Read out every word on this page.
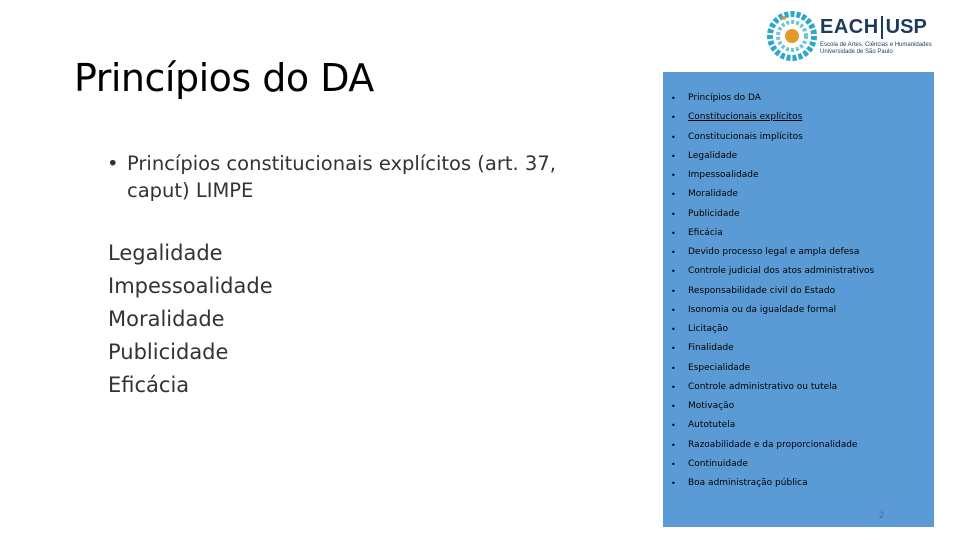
Princípios do DA
• Princípios constitucionais explícitos (art. 37, caput) LIMPE
Legalidade
Impessoalidade
Moralidade
Publicidade
Eficácia
EACH USP
Escola de Artes, Ciências e Humanidades
Universidade de São Paulo
• Princípios do DA
• Constitucionais explícitos
• Constitucionais implícitos
• Legalidade
• Impessoalidade
• Moralidade
• Publicidade
• Eficácia
• Devido processo legal e ampla defesa
• Controle judicial dos atos administrativos
• Responsabilidade civil do Estado
• Isonomia ou da igualdade formal
• Licitação
• Finalidade
• Especialidade
• Controle administrativo ou tutela
• Motivação
• Autotutela
• Razoabilidade e da proporcionalidade
• Continuidade
• Boa administração pública
2
